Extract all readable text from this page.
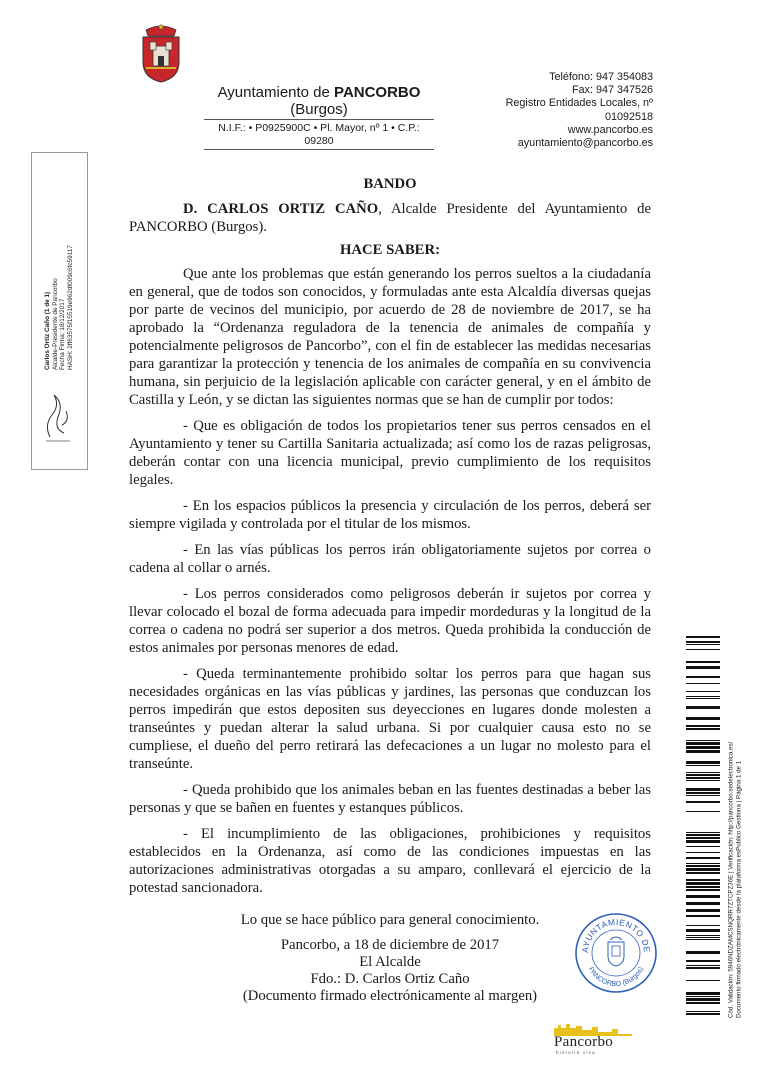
Ayuntamiento de PANCORBO
(Burgos)
N.I.F.: • P0925900C • Pl. Mayor, nº 1 • C.P.:
09280
Teléfono: 947 354083
Fax: 947 347526
Registro Entidades Locales, nº
01092518
www.pancorbo.es
ayuntamiento@pancorbo.es
Carlos Ortiz Caño (1 de 1)
Alcalde-Presidente de Pancorbo
Fecha Firma: 18/12/2017
HASH: 2ff63575f15519e962df009c6fc59117

BANDO

D. CARLOS ORTIZ CAÑO, Alcalde Presidente del Ayuntamiento de PANCORBO (Burgos).

HACE SABER:

Que ante los problemas que están generando los perros sueltos a la ciudadanía en general, que de todos son conocidos, y formuladas ante esta Alcaldía diversas quejas por parte de vecinos del municipio, por acuerdo de 28 de noviembre de 2017, se ha aprobado la “Ordenanza reguladora de la tenencia de animales de compañía y potencialmente peligrosos de Pancorbo”, con el fin de establecer las medidas necesarias para garantizar la protección y tenencia de los animales de compañía en su convivencia humana, sin perjuicio de la legislación aplicable con carácter general, y en el ámbito de Castilla y León, y se dictan las siguientes normas que se han de cumplir por todos:

- Que es obligación de todos los propietarios tener sus perros censados en el Ayuntamiento y tener su Cartilla Sanitaria actualizada; así como los de razas peligrosas, deberán contar con una licencia municipal, previo cumplimiento de los requisitos legales.

- En los espacios públicos la presencia y circulación de los perros, deberá ser siempre vigilada y controlada por el titular de los mismos.

- En las vías públicas los perros irán obligatoriamente sujetos por correa o cadena al collar o arnés.

- Los perros considerados como peligrosos deberán ir sujetos por correa y llevar colocado el bozal de forma adecuada para impedir mordeduras y la longitud de la correa o cadena no podrá ser superior a dos metros. Queda prohibida la conducción de estos animales por personas menores de edad.

- Queda terminantemente prohibido soltar los perros para que hagan sus necesidades orgánicas en las vías públicas y jardines, las personas que conduzcan los perros impedirán que estos depositen sus deyecciones en lugares donde molesten a transeúntes y puedan alterar la salud urbana. Si por cualquier causa esto no se cumpliese, el dueño del perro retirará las defecaciones a un lugar no molesto para el transeúnte.

- Queda prohibido que los animales beban en las fuentes destinadas a beber las personas y que se bañen en fuentes y estanques públicos.

- El incumplimiento de las obligaciones, prohibiciones y requisitos establecidos en la Ordenanza, así como de las condiciones impuestas en las autorizaciones administrativas otorgadas a su amparo, conllevará el ejercicio de la potestad sancionadora.

Lo que se hace público para general conocimiento.

Pancorbo, a 18 de diciembre de 2017
El Alcalde
Fdo.: D. Carlos Ortiz Caño
(Documento firmado electrónicamente al margen)	Cód. Validación: 5946NDZAMCSNQRR7ZTCPZ36E | Verificación: http://pancorbo.sedelectronica.es/
Documento firmado electrónicamente desde la plataforma esPublico Gestiona | Página 1 de 1
AYUNTAMIENTO DE
PANCORBO (Burgos)
Pancorbo
historia viva
